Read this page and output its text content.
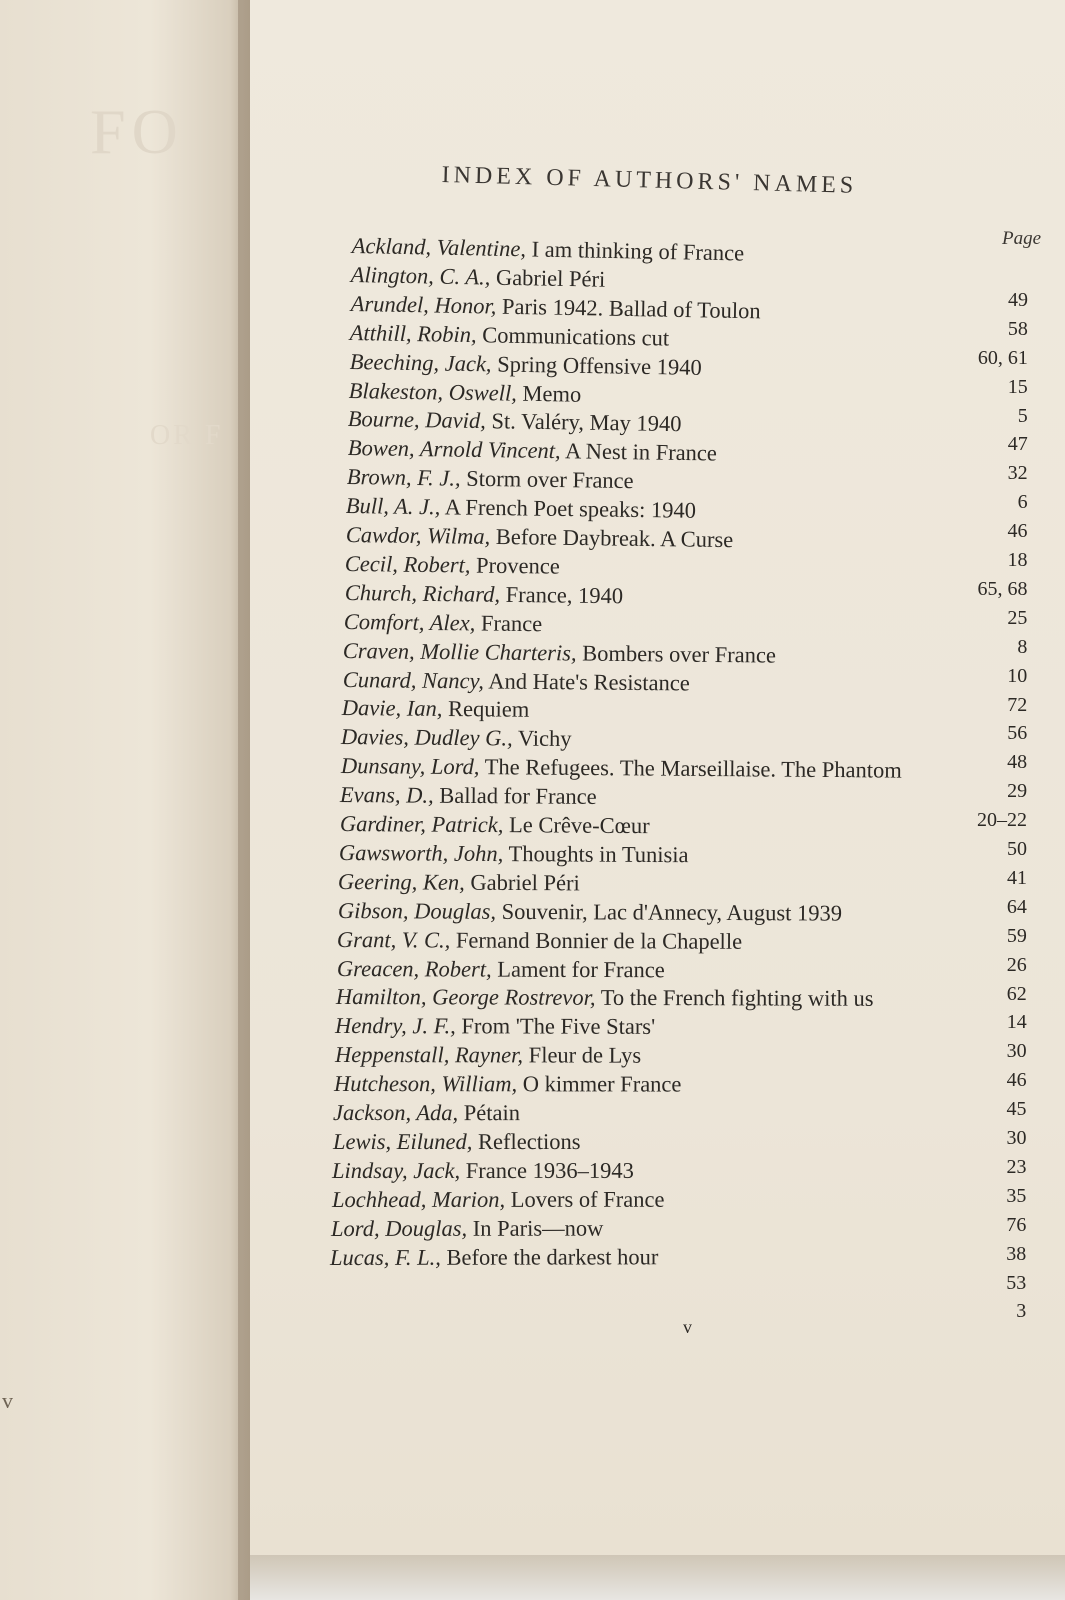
FO
OR F
v
INDEX OF AUTHORS' NAMES
Page
Ackland, Valentine, I am thinking of France
Alington, C. A., Gabriel Péri
49
Arundel, Honor, Paris 1942. Ballad of Toulon
58
Atthill, Robin, Communications cut
60, 61
Beeching, Jack, Spring Offensive 1940
15
Blakeston, Oswell, Memo
5
Bourne, David, St. Valéry, May 1940
47
Bowen, Arnold Vincent, A Nest in France
32
Brown, F. J., Storm over France
6
Bull, A. J., A French Poet speaks: 1940
46
Cawdor, Wilma, Before Daybreak. A Curse
18
Cecil, Robert, Provence
65, 68
Church, Richard, France, 1940
25
Comfort, Alex, France
8
Craven, Mollie Charteris, Bombers over France
10
Cunard, Nancy, And Hate's Resistance
72
Davie, Ian, Requiem
56
Davies, Dudley G., Vichy
48
Dunsany, Lord, The Refugees. The Marseillaise. The Phantom
29
Evans, D., Ballad for France
20–22
Gardiner, Patrick, Le Crêve-Cœur
50
Gawsworth, John, Thoughts in Tunisia
41
Geering, Ken, Gabriel Péri
64
Gibson, Douglas, Souvenir, Lac d'Annecy, August 1939
59
Grant, V. C., Fernand Bonnier de la Chapelle
26
Greacen, Robert, Lament for France
62
Hamilton, George Rostrevor, To the French fighting with us
14
Hendry, J. F., From 'The Five Stars'
30
Heppenstall, Rayner, Fleur de Lys
46
Hutcheson, William, O kimmer France
45
Jackson, Ada, Pétain
30
Lewis, Eiluned, Reflections
23
Lindsay, Jack, France 1936–1943
35
Lochhead, Marion, Lovers of France
76
Lord, Douglas, In Paris—now
38
Lucas, F. L., Before the darkest hour
53
3
v
